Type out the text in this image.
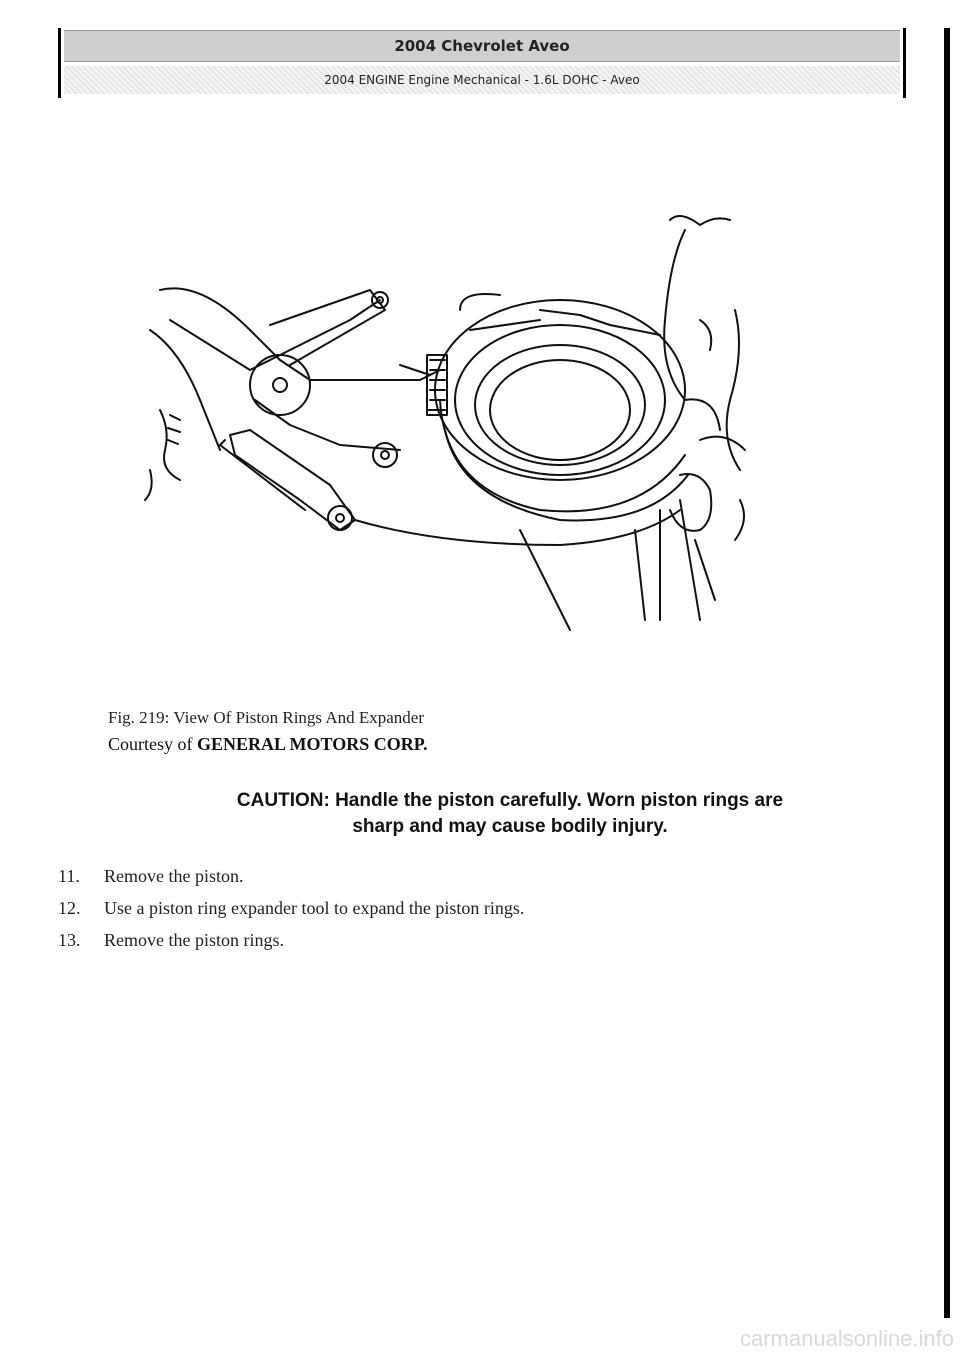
2004 Chevrolet Aveo
2004 ENGINE Engine Mechanical - 1.6L DOHC - Aveo
Fig. 219: View Of Piston Rings And Expander
Courtesy of GENERAL MOTORS CORP.
CAUTION: Handle the piston carefully. Worn piston rings are
sharp and may cause bodily injury.
11.	Remove the piston.
12.	Use a piston ring expander tool to expand the piston rings.
13.	Remove the piston rings.
carmanualsonline.info
